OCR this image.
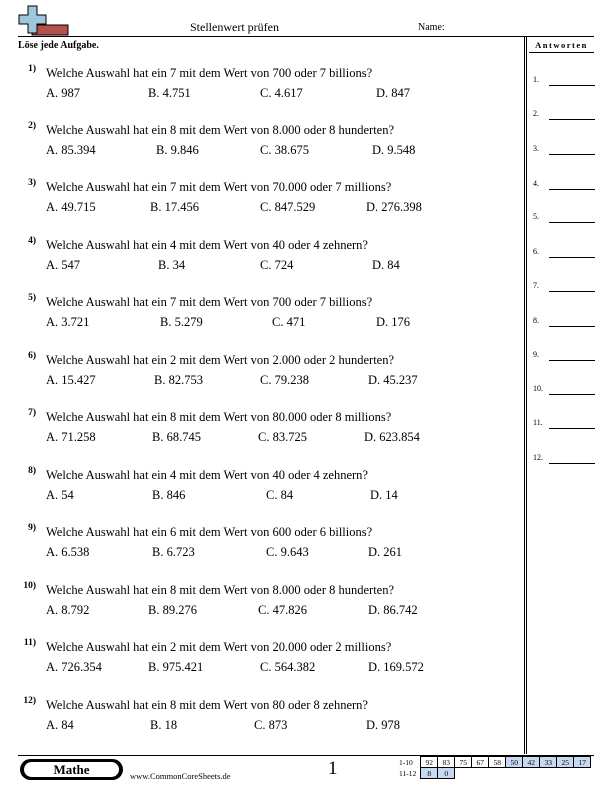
Stellenwert prüfen	Name:
Löse jede Aufgabe.	Antworten
1.
2.
3.
4.
5.
6.
7.
8.
9.
10.
11.
12.
1) Welche Auswahl hat ein 7 mit dem Wert von 700 oder 7 billions?
A. 987	B. 4.751	C. 4.617	D. 847
2) Welche Auswahl hat ein 8 mit dem Wert von 8.000 oder 8 hunderten?
A. 85.394	B. 9.846	C. 38.675	D. 9.548
3) Welche Auswahl hat ein 7 mit dem Wert von 70.000 oder 7 millions?
A. 49.715	B. 17.456	C. 847.529	D. 276.398
4) Welche Auswahl hat ein 4 mit dem Wert von 40 oder 4 zehnern?
A. 547	B. 34	C. 724	D. 84
5) Welche Auswahl hat ein 7 mit dem Wert von 700 oder 7 billions?
A. 3.721	B. 5.279	C. 471	D. 176
6) Welche Auswahl hat ein 2 mit dem Wert von 2.000 oder 2 hunderten?
A. 15.427	B. 82.753	C. 79.238	D. 45.237
7) Welche Auswahl hat ein 8 mit dem Wert von 80.000 oder 8 millions?
A. 71.258	B. 68.745	C. 83.725	D. 623.854
8) Welche Auswahl hat ein 4 mit dem Wert von 40 oder 4 zehnern?
A. 54	B. 846	C. 84	D. 14
9) Welche Auswahl hat ein 6 mit dem Wert von 600 oder 6 billions?
A. 6.538	B. 6.723	C. 9.643	D. 261
10) Welche Auswahl hat ein 8 mit dem Wert von 8.000 oder 8 hunderten?
A. 8.792	B. 89.276	C. 47.826	D. 86.742
11) Welche Auswahl hat ein 2 mit dem Wert von 20.000 oder 2 millions?
A. 726.354	B. 975.421	C. 564.382	D. 169.572
12) Welche Auswahl hat ein 8 mit dem Wert von 80 oder 8 zehnern?
A. 84	B. 18	C. 873	D. 978
Mathe	www.CommonCoreSheets.de	1	1-10	92	83	75	67	58	50	42	33	25	17
11-12	8	0								
